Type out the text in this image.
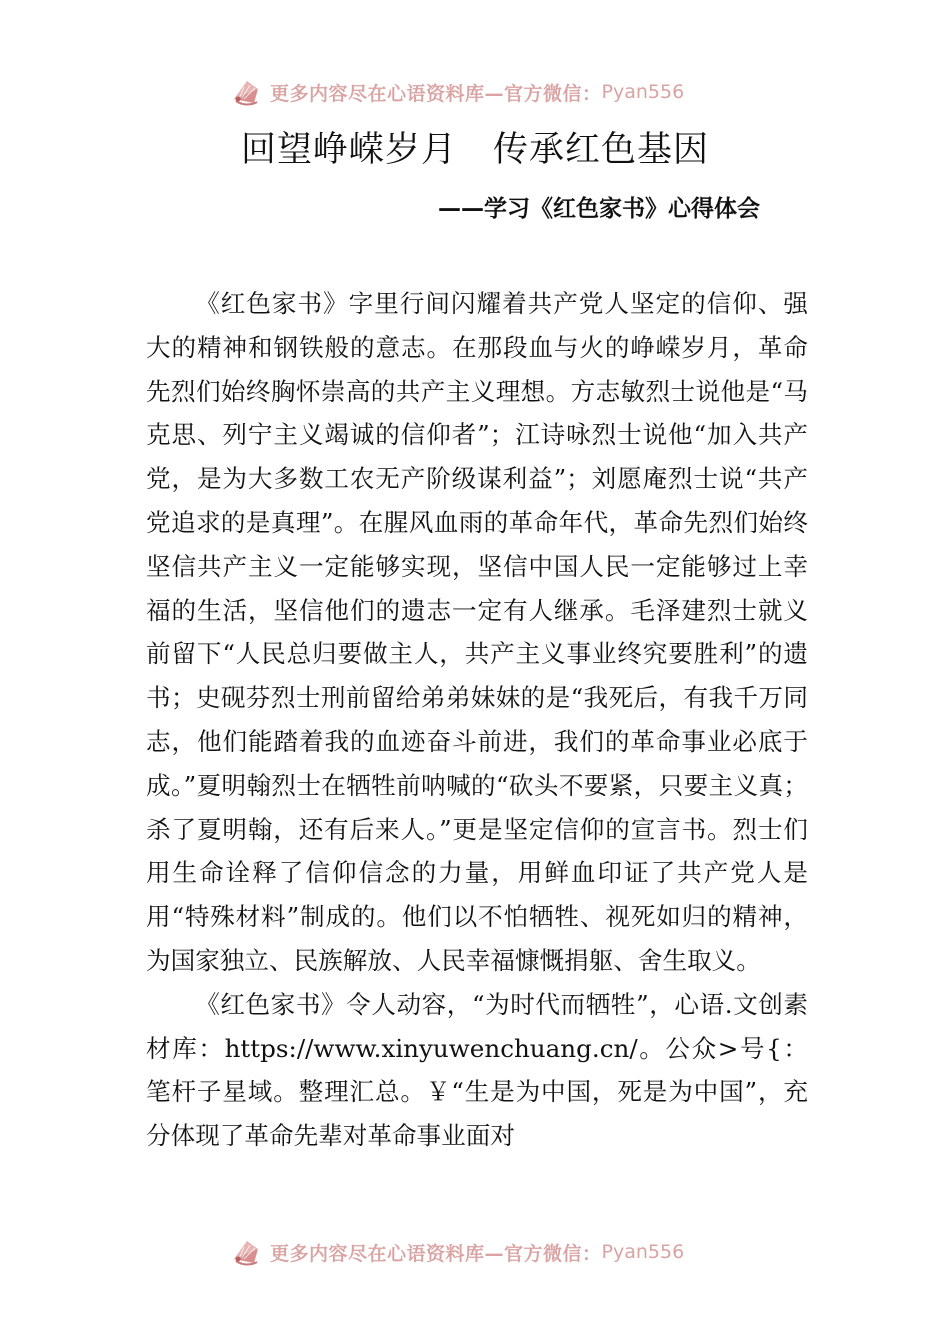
更多内容尽在心语资料库—官方微信： Pyan556
回望峥嵘岁月　传承红色基因
——学习《红色家书》心得体会

《红色家书》字里行间闪耀着共产党人坚定的信仰、强大的精神和钢铁般的意志。在那段血与火的峥嵘岁月，革命先烈们始终胸怀崇高的共产主义理想。方志敏烈士说他是“马克思、列宁主义竭诚的信仰者”；江诗咏烈士说他“加入共产党，是为大多数工农无产阶级谋利益”；刘愿庵烈士说“共产党追求的是真理”。在腥风血雨的革命年代，革命先烈们始终坚信共产主义一定能够实现，坚信中国人民一定能够过上幸福的生活，坚信他们的遗志一定有人继承。毛泽建烈士就义前留下“人民总归要做主人，共产主义事业终究要胜利”的遗书；史砚芬烈士刑前留给弟弟妹妹的是“我死后，有我千万同志，他们能踏着我的血迹奋斗前进，我们的革命事业必底于成。”夏明翰烈士在牺牲前呐喊的“砍头不要紧，只要主义真；杀了夏明翰，还有后来人。”更是坚定信仰的宣言书。烈士们用生命诠释了信仰信念的力量，用鲜血印证了共产党人是用“特殊材料”制成的。他们以不怕牺牲、视死如归的精神，为国家独立、民族解放、人民幸福慷慨捐躯、舍生取义。

《红色家书》令人动容，“为时代而牺牲”，心语.文创素材库：https://www.xinyuwenchuang.cn/。公众>号{：笔杆子星域。整理汇总。￥“生是为中国，死是为中国”，充分体现了革命先辈对革命事业面对

更多内容尽在心语资料库—官方微信： Pyan556
